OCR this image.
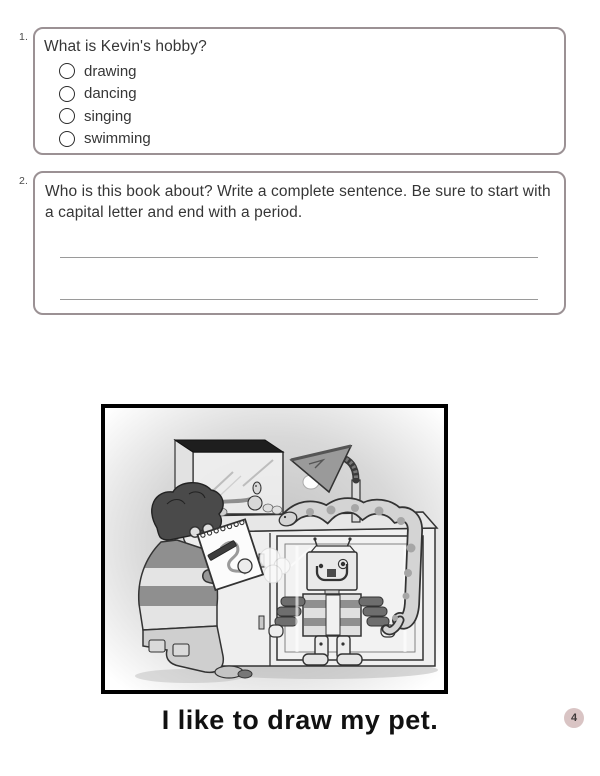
1.
What is Kevin's hobby?
drawing
dancing
singing
swimming
2.
Who is this book about? Write a complete sentence. Be sure to start with a capital letter and end with a period.
I like to draw my pet.	4
